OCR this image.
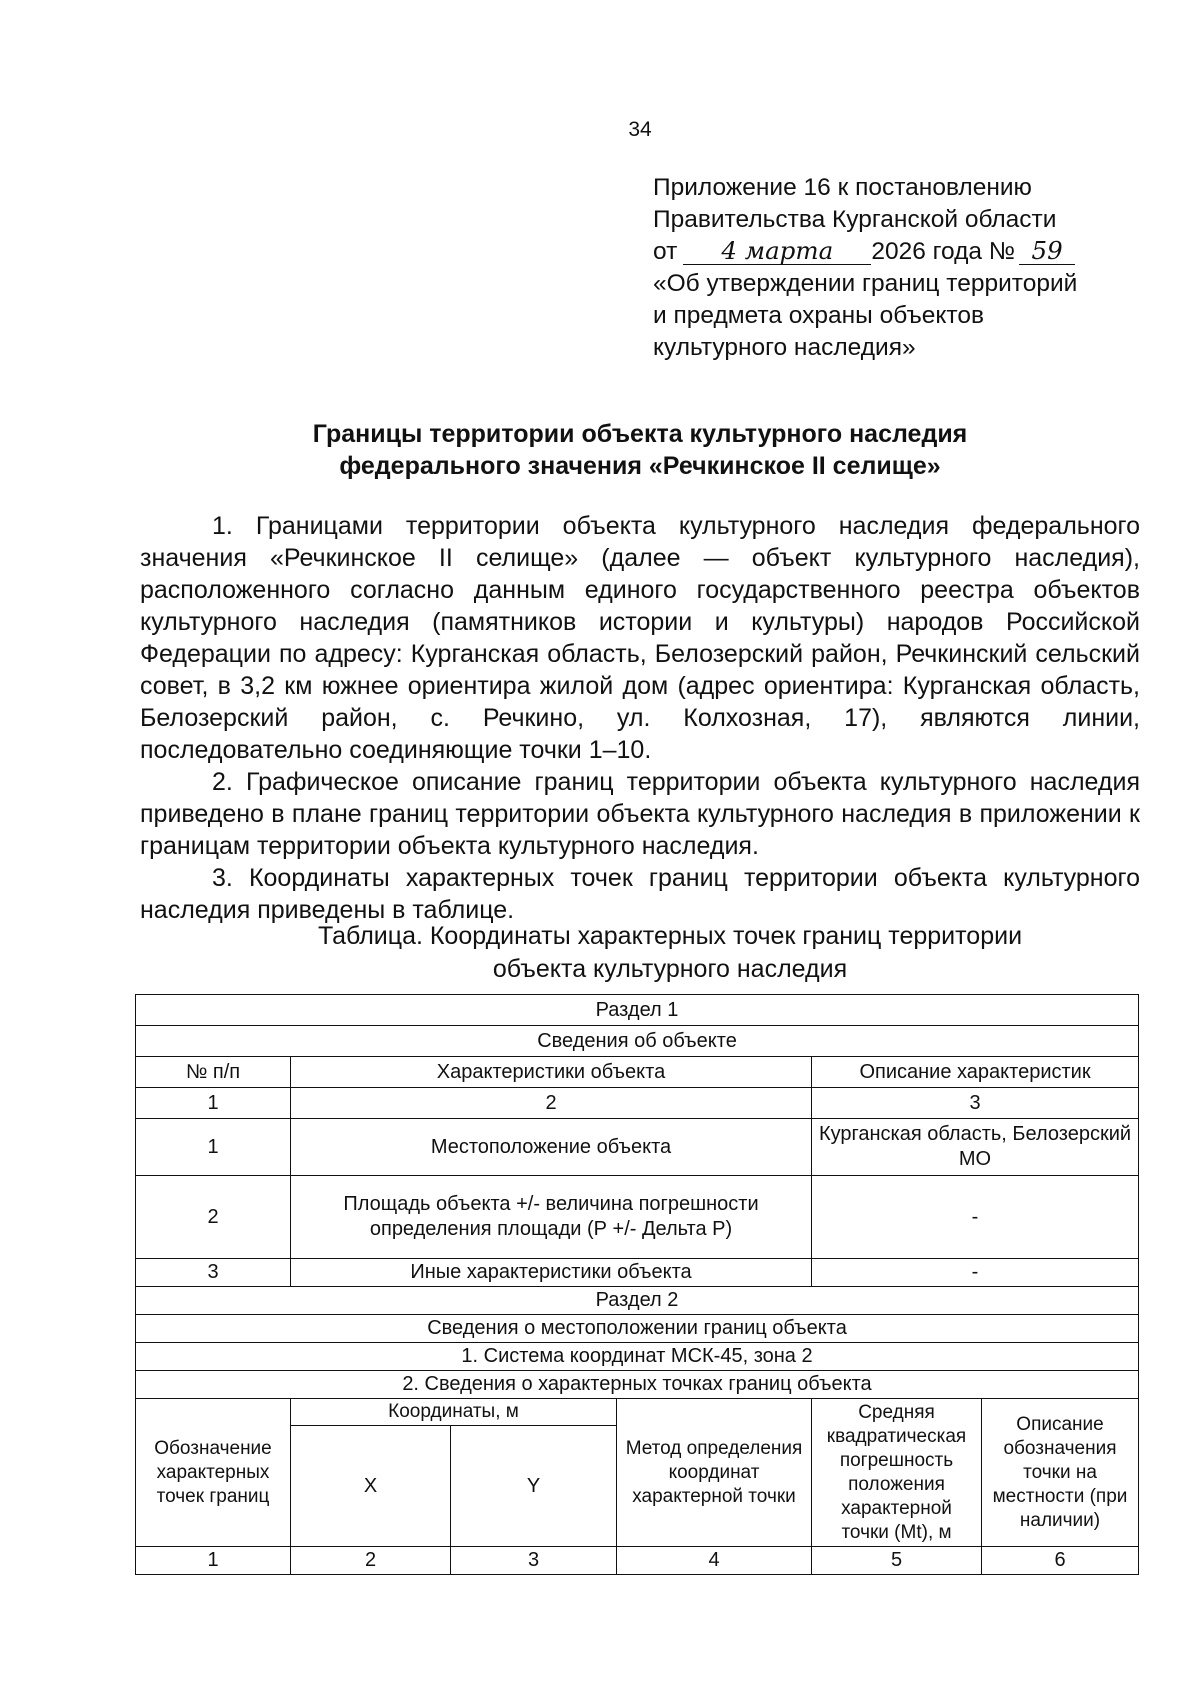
34
Приложение 16 к постановлению
Правительства Курганской области
от 4 марта 2026 года № 59
«Об утверждении границ территорий
и предмета охраны объектов
культурного наследия»
Границы территории объекта культурного наследия
федерального значения «Речкинское II селище»

1. Границами территории объекта культурного наследия федерального значения «Речкинское II селище» (далее — объект культурного наследия), расположенного согласно данным единого государственного реестра объектов культурного наследия (памятников истории и культуры) народов Российской Федерации по адресу: Курганская область, Белозерский район, Речкинский сельский совет, в 3,2 км южнее ориентира жилой дом (адрес ориентира: Курганская область, Белозерский район, с. Речкино, ул. Колхозная, 17), являются линии, последовательно соединяющие точки 1–10.

2. Графическое описание границ территории объекта культурного наследия приведено в плане границ территории объекта культурного наследия в приложении к границам территории объекта культурного наследия.

3. Координаты характерных точек границ территории объекта культурного наследия приведены в таблице.

Таблица. Координаты характерных точек границ территории
объекта культурного наследия
Раздел 1					
Сведения об объекте					
№ п/п	Характеристики объекта			Описание характеристик	
1	2			3	
1	Местоположение объекта			Курганская область, Белозерский МО	
2	Площадь объекта +/- величина погрешности определения площади (Р +/- Дельта Р)			-	
3	Иные характеристики объекта			-	
Раздел 2					
Сведения о местоположении границ объекта					
1. Система координат МСК-45, зона 2					
2. Сведения о характерных точках границ объекта					
Обозначение характерных точек границ	Координаты, м		Метод определения координат характерной точки	Средняя квадратическая погрешность положения характерной точки (Mt), м	Описание обозначения точки на местности (при наличии)
	X	Y			
1	2	3	4	5	6
